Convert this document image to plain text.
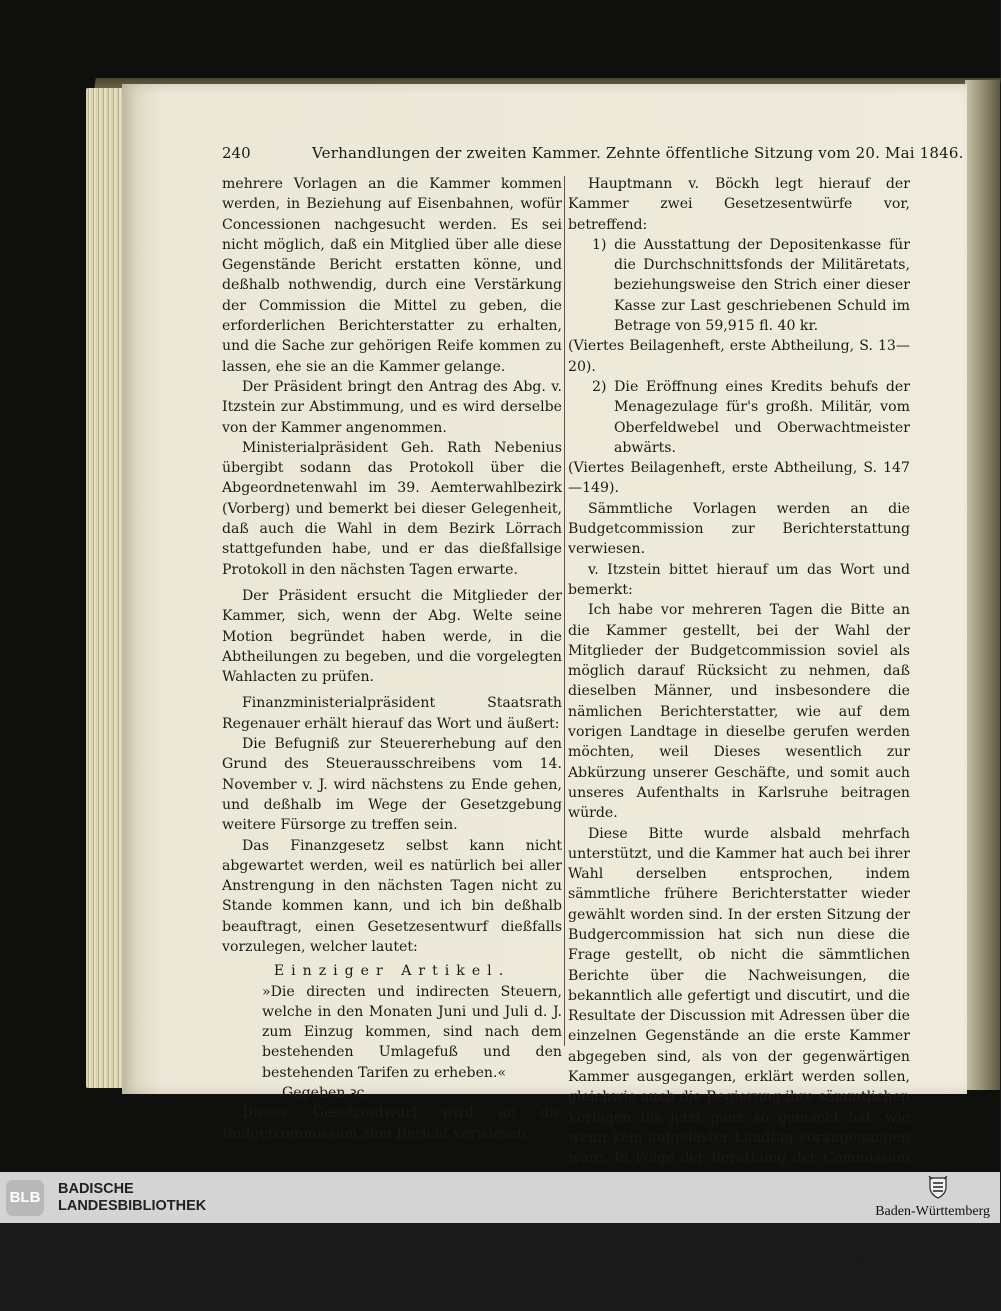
240	Verhandlungen der zweiten Kammer. Zehnte öffentliche Sitzung vom 20. Mai 1846.

mehrere Vorlagen an die Kammer kommen werden, in Beziehung auf Eisenbahnen, wofür Concessionen nachgesucht werden. Es sei nicht möglich, daß ein Mitglied über alle diese Gegenstände Bericht erstatten könne, und deßhalb nothwendig, durch eine Verstärkung der Commission die Mittel zu geben, die erforderlichen Berichterstatter zu erhalten, und die Sache zur gehörigen Reife kommen zu lassen, ehe sie an die Kammer gelange.

Der Präsident bringt den Antrag des Abg. v. Itzstein zur Abstimmung, und es wird derselbe von der Kammer angenommen.

Ministerialpräsident Geh. Rath Nebenius übergibt sodann das Protokoll über die Abgeordnetenwahl im 39. Aemterwahlbezirk (Vorberg) und bemerkt bei dieser Gelegenheit, daß auch die Wahl in dem Bezirk Lörrach stattgefunden habe, und er das dießfallsige Protokoll in den nächsten Tagen erwarte.

Der Präsident ersucht die Mitglieder der Kammer, sich, wenn der Abg. Welte seine Motion begründet haben werde, in die Abtheilungen zu begeben, und die vorgelegten Wahlacten zu prüfen.

Finanzministerialpräsident Staatsrath Regenauer erhält hierauf das Wort und äußert:

Die Befugniß zur Steuererhebung auf den Grund des Steuerausschreibens vom 14. November v. J. wird nächstens zu Ende gehen, und deßhalb im Wege der Gesetzgebung weitere Fürsorge zu treffen sein.

Das Finanzgesetz selbst kann nicht abgewartet werden, weil es natürlich bei aller Anstrengung in den nächsten Tagen nicht zu Stande kommen kann, und ich bin deßhalb beauftragt, einen Gesetzesentwurf dießfalls vorzulegen, welcher lautet:

Einziger Artikel.

»Die directen und indirecten Steuern, welche in den Monaten Juni und Juli d. J. zum Einzug kommen, sind nach dem bestehenden Umlagefuß und den bestehenden Tarifen zu erheben.«

Gegeben ꝛc.

Dieser Gesetzentwurf wird an die Budgetcommission zum Bericht verwiesen.

Hauptmann v. Böckh legt hierauf der Kammer zwei Gesetzesentwürfe vor, betreffend:

1) die Ausstattung der Depositenkasse für die Durchschnittsfonds der Militäretats, beziehungsweise den Strich einer dieser Kasse zur Last geschriebenen Schuld im Betrage von 59,915 fl. 40 kr.

(Viertes Beilagenheft, erste Abtheilung, S. 13—20).

2) Die Eröffnung eines Kredits behufs der Menagezulage für's großh. Militär, vom Oberfeldwebel und Oberwachtmeister abwärts.

(Viertes Beilagenheft, erste Abtheilung, S. 147—149).

Sämmtliche Vorlagen werden an die Budgetcommission zur Berichterstattung verwiesen.

v. Itzstein bittet hierauf um das Wort und bemerkt:

Ich habe vor mehreren Tagen die Bitte an die Kammer gestellt, bei der Wahl der Mitglieder der Budgetcommission soviel als möglich darauf Rücksicht zu nehmen, daß dieselben Männer, und insbesondere die nämlichen Berichterstatter, wie auf dem vorigen Landtage in dieselbe gerufen werden möchten, weil Dieses wesentlich zur Abkürzung unserer Geschäfte, und somit auch unseres Aufenthalts in Karlsruhe beitragen würde.

Diese Bitte wurde alsbald mehrfach unterstützt, und die Kammer hat auch bei ihrer Wahl derselben entsprochen, indem sämmtliche frühere Berichterstatter wieder gewählt worden sind. In der ersten Sitzung der Budgercommission hat sich nun diese die Frage gestellt, ob nicht die sämmtlichen Berichte über die Nachweisungen, die bekanntlich alle gefertigt und discutirt, und die Resultate der Discussion mit Adressen über die einzelnen Gegenstände an die erste Kammer abgegeben sind, als von der gegenwärtigen Kammer ausgegangen, erklärt werden sollen, gleichwie auch die Regierung ihre sämmtlichen Vorlagen bis jetzt ganz so gemacht hat, wie wenn kein aufgelöster Landtag vorangegangen wäre. In Folge der Berathung der Commission den Bericht des Abg. Hecker über das Staatsministerium, zwei Berichte desselben über das Ministerium des großh. Hauses und der auswärtigen Ange-

BLB BADISCHE
LANDESBIBLIOTHEK	Baden-Württemberg
